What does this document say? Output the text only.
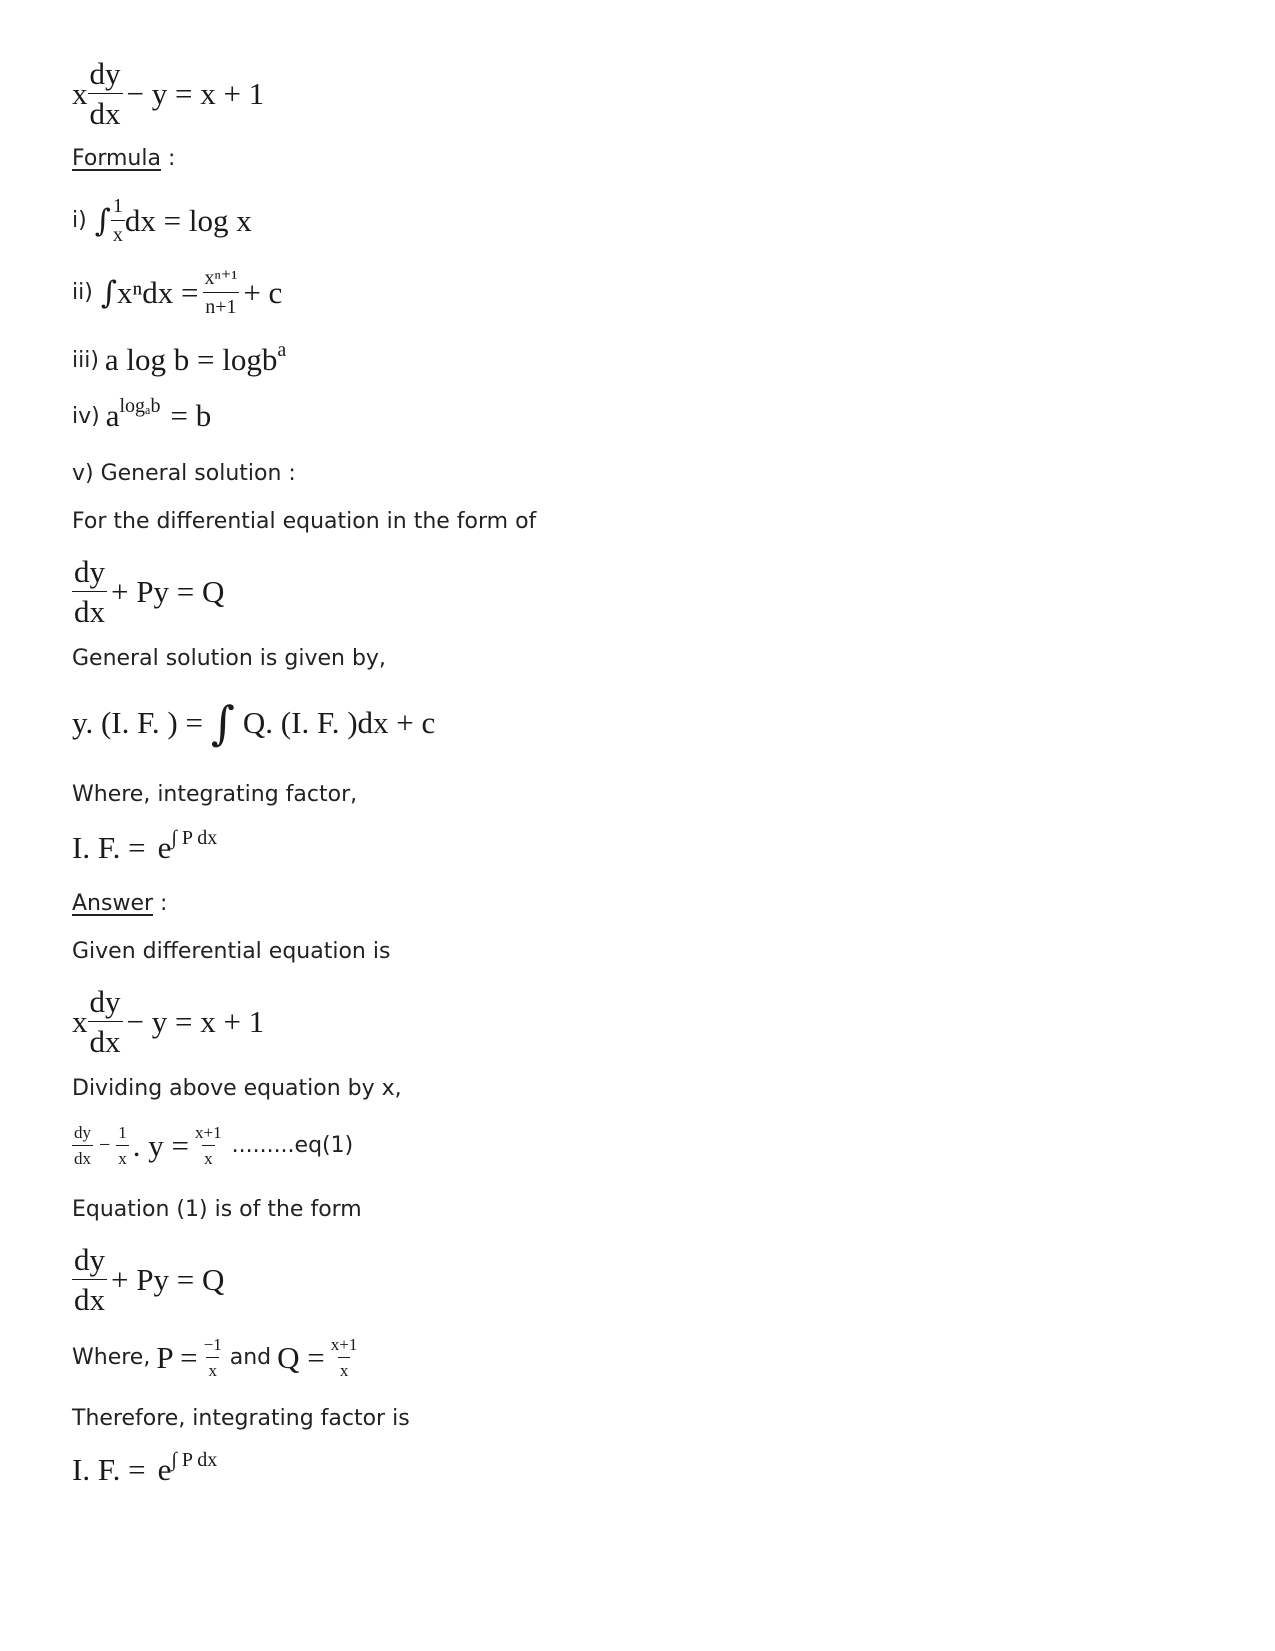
x $\frac{dy}{dx} - y = x + 1$
Formula :
i) ∫ $\frac{1}{x}$ dx = log x
ii) ∫ $x^ndx = \frac{\text{xⁿ⁺¹}}{n+1} + c$
iii) a $\log b = \log b^a$
iv) $a^{log_ab} = b$
v) General solution :
For the differential equation in the form of
$\frac{dy}{dx} + Py = Q$
General solution is given by,
y. (I. F. ) = ∫ Q. (I. F. )dx + c
Where, integrating factor,
I. F. = $e^{\int P dx}$
Answer :
Given differential equation is
x $\frac{dy}{dx} - y = x + 1$
Dividing above equation by x,
$\frac{dy}{dx} - \frac{1}{x}$ . $y = \frac{x+1}{x} .........eq(1)$
Equation (1) is of the form
$\frac{dy}{dx} + Py = Q$
Where, $P = \frac{-1}{x}$ and $Q = \frac{x+1}{x}$
Therefore, integrating factor is
I. F. = $e^{\int P dx}$
